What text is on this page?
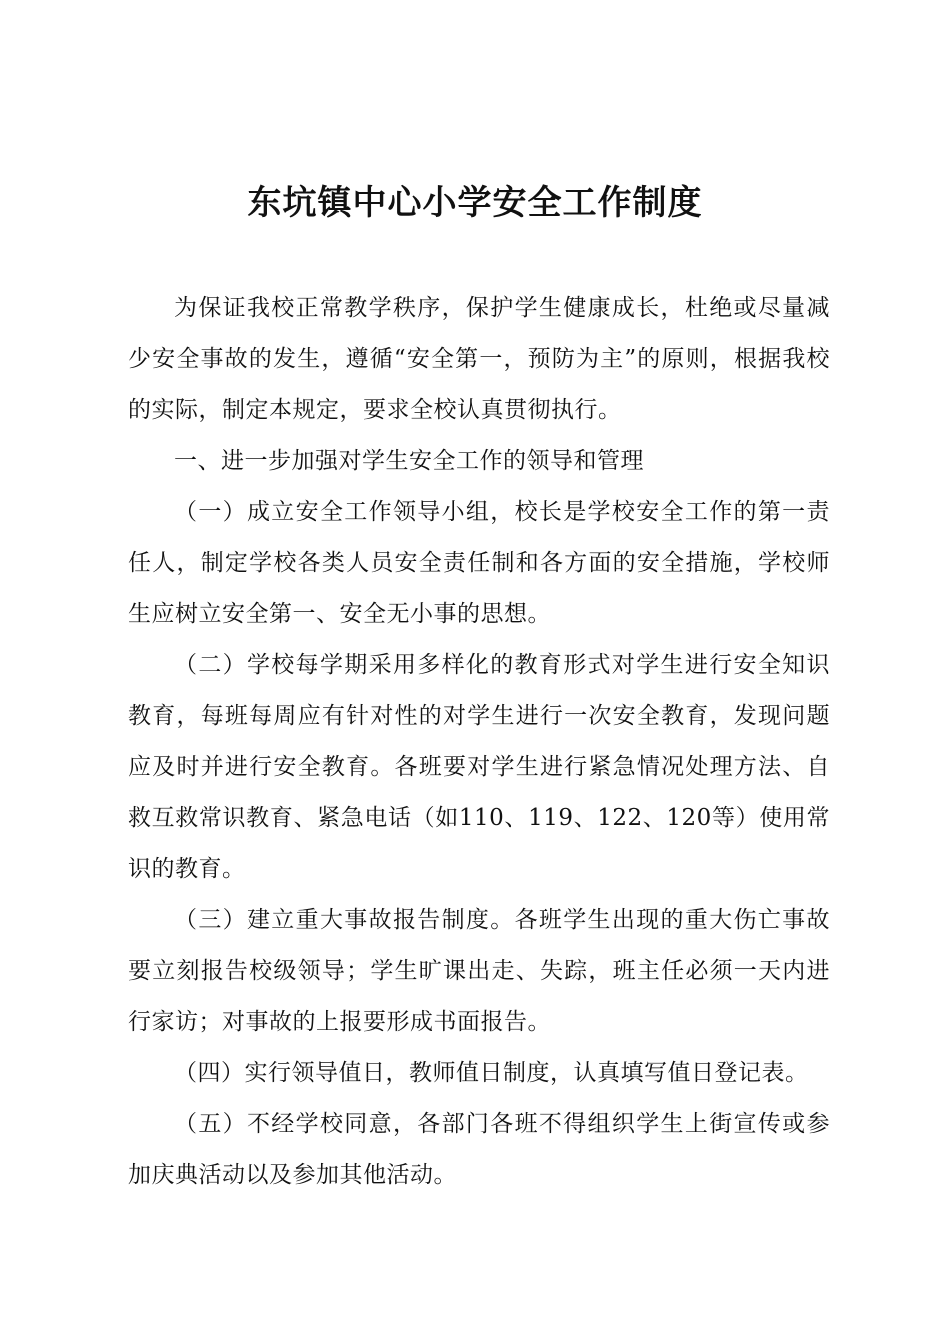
东坑镇中心小学安全工作制度

为保证我校正常教学秩序，保护学生健康成长，杜绝或尽量减少安全事故的发生，遵循“安全第一，预防为主”的原则，根据我校的实际，制定本规定，要求全校认真贯彻执行。

一、进一步加强对学生安全工作的领导和管理

（一）成立安全工作领导小组，校长是学校安全工作的第一责任人，制定学校各类人员安全责任制和各方面的安全措施，学校师生应树立安全第一、安全无小事的思想。

（二）学校每学期采用多样化的教育形式对学生进行安全知识教育，每班每周应有针对性的对学生进行一次安全教育，发现问题应及时并进行安全教育。各班要对学生进行紧急情况处理方法、自救互救常识教育、紧急电话（如110、119、122、120等）使用常识的教育。

（三）建立重大事故报告制度。各班学生出现的重大伤亡事故要立刻报告校级领导；学生旷课出走、失踪，班主任必须一天内进行家访；对事故的上报要形成书面报告。

（四）实行领导值日，教师值日制度，认真填写值日登记表。

（五）不经学校同意，各部门各班不得组织学生上街宣传或参加庆典活动以及参加其他活动。
